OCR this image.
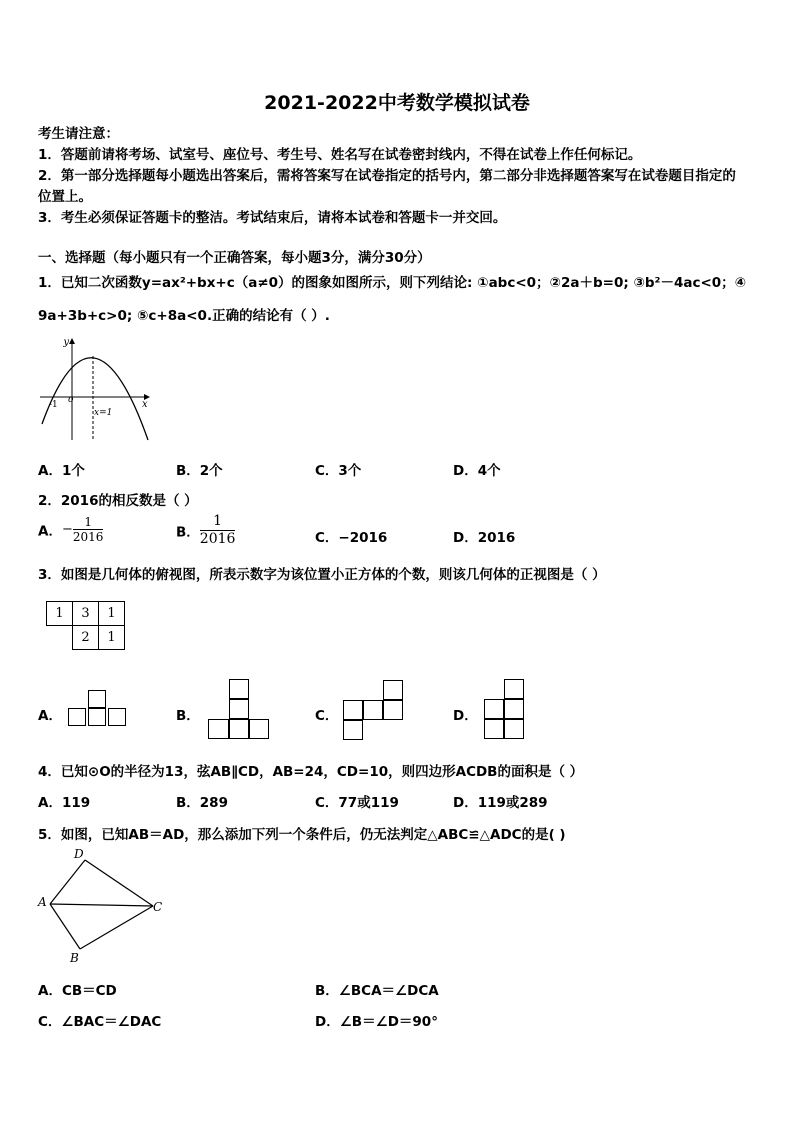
2021-2022中考数学模拟试卷
考生请注意：
1．答题前请将考场、试室号、座位号、考生号、姓名写在试卷密封线内，不得在试卷上作任何标记。
2．第一部分选择题每小题选出答案后，需将答案写在试卷指定的括号内，第二部分非选择题答案写在试卷题目指定的
位置上。
3．考生必须保证答题卡的整洁。考试结束后，请将本试卷和答题卡一并交回。
一、选择题（每小题只有一个正确答案，每小题3分，满分30分）
1．已知二次函数y=ax²+bx+c（a≠0）的图象如图所示，则下列结论: ①abc<0；②2a＋b=0; ③b²－4ac<0；④
9a+3b+c>0; ⑤c+8a<0.正确的结论有（ ）.
y
x
o
-1
x=1
A．1个	B．2个	C．3个	D．4个
2．2016的相反数是（ ）
A．− $\frac{1}{2016}$	B． $\frac{1}{2016}$	C．−2016	D．2016
3．如图是几何体的俯视图，所表示数字为该位置小正方体的个数，则该几何体的正视图是（ ）
1	3	1
	2	1
A．	B．	C．	D．
4．已知⊙O的半径为13，弦AB∥CD，AB=24，CD=10，则四边形ACDB的面积是（ ）
A．119	B．289	C．77或119	D．119或289
5．如图，已知AB＝AD，那么添加下列一个条件后，仍无法判定△ABC≌△ADC的是( )
D
A	C
B
A．CB＝CD	B．∠BCA＝∠DCA
C．∠BAC＝∠DAC	D．∠B＝∠D＝90°
